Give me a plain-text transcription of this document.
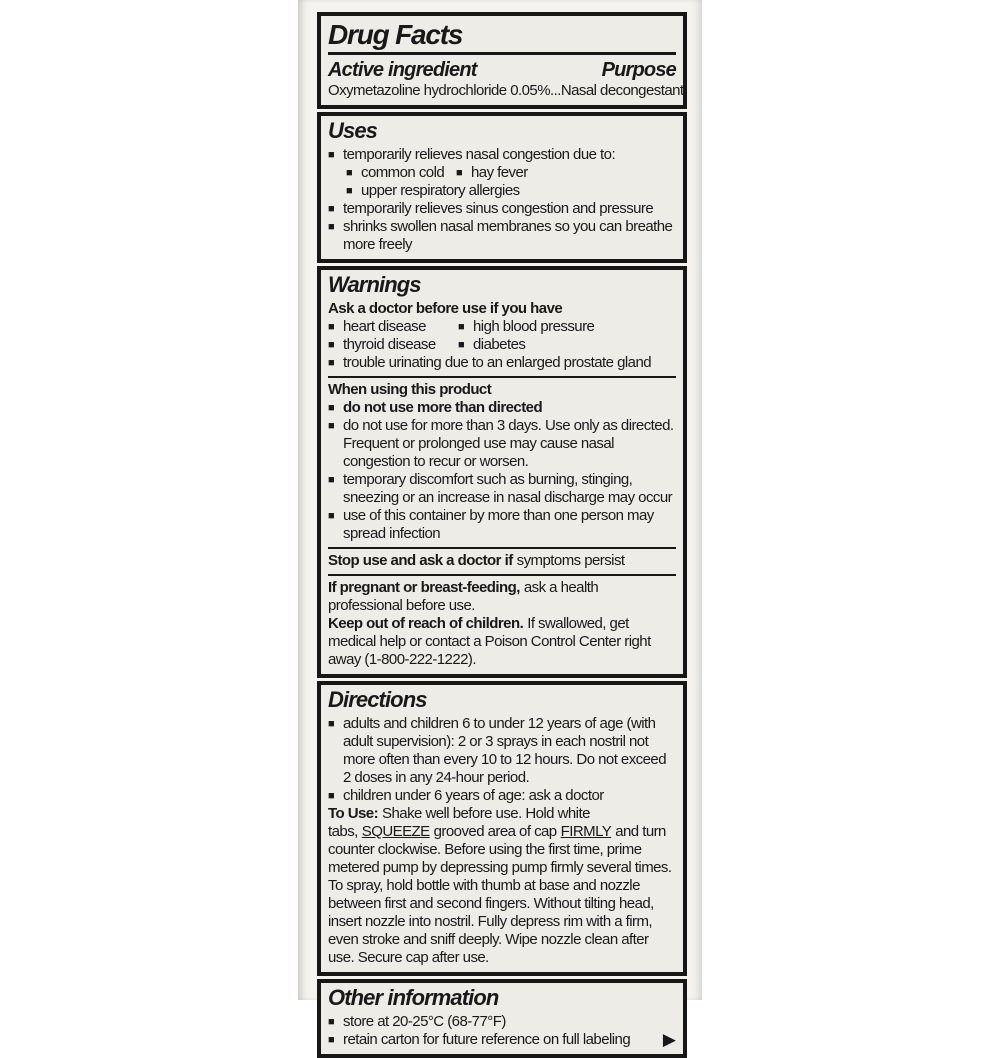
Drug Facts
Active ingredient	Purpose
Oxymetazoline hydrochloride 0.05%...Nasal decongestant
Uses
■ temporarily relieves nasal congestion due to:
■ common cold	■ hay fever
■ upper respiratory allergies
■ temporarily relieves sinus congestion and pressure
■ shrinks swollen nasal membranes so you can breathe more freely
Warnings
Ask a doctor before use if you have
■ heart disease	■ high blood pressure
■ thyroid disease	■ diabetes
■ trouble urinating due to an enlarged prostate gland
When using this product
■ do not use more than directed
■ do not use for more than 3 days. Use only as directed. Frequent or prolonged use may cause nasal congestion to recur or worsen.
■ temporary discomfort such as burning, stinging, sneezing or an increase in nasal discharge may occur
■ use of this container by more than one person may spread infection

Stop use and ask a doctor if symptoms persist

If pregnant or breast-feeding, ask a health professional before use.

Keep out of reach of children. If swallowed, get medical help or contact a Poison Control Center right away (1-800-222-1222).

Directions
■ adults and children 6 to under 12 years of age (with adult supervision): 2 or 3 sprays in each nostril not more often than every 10 to 12 hours. Do not exceed 2 doses in any 24-hour period.
■ children under 6 years of age: ask a doctor

To Use: Shake well before use. Hold white tabs, SQUEEZE grooved area of cap FIRMLY and turn counter clockwise. Before using the first time, prime metered pump by depressing pump firmly several times. To spray, hold bottle with thumb at base and nozzle between first and second fingers. Without tilting head, insert nozzle into nostril. Fully depress rim with a firm, even stroke and sniff deeply. Wipe nozzle clean after use. Secure cap after use.

Other information
■ store at 20-25°C (68-77°F)
■ retain carton for future reference on full labeling	▶
